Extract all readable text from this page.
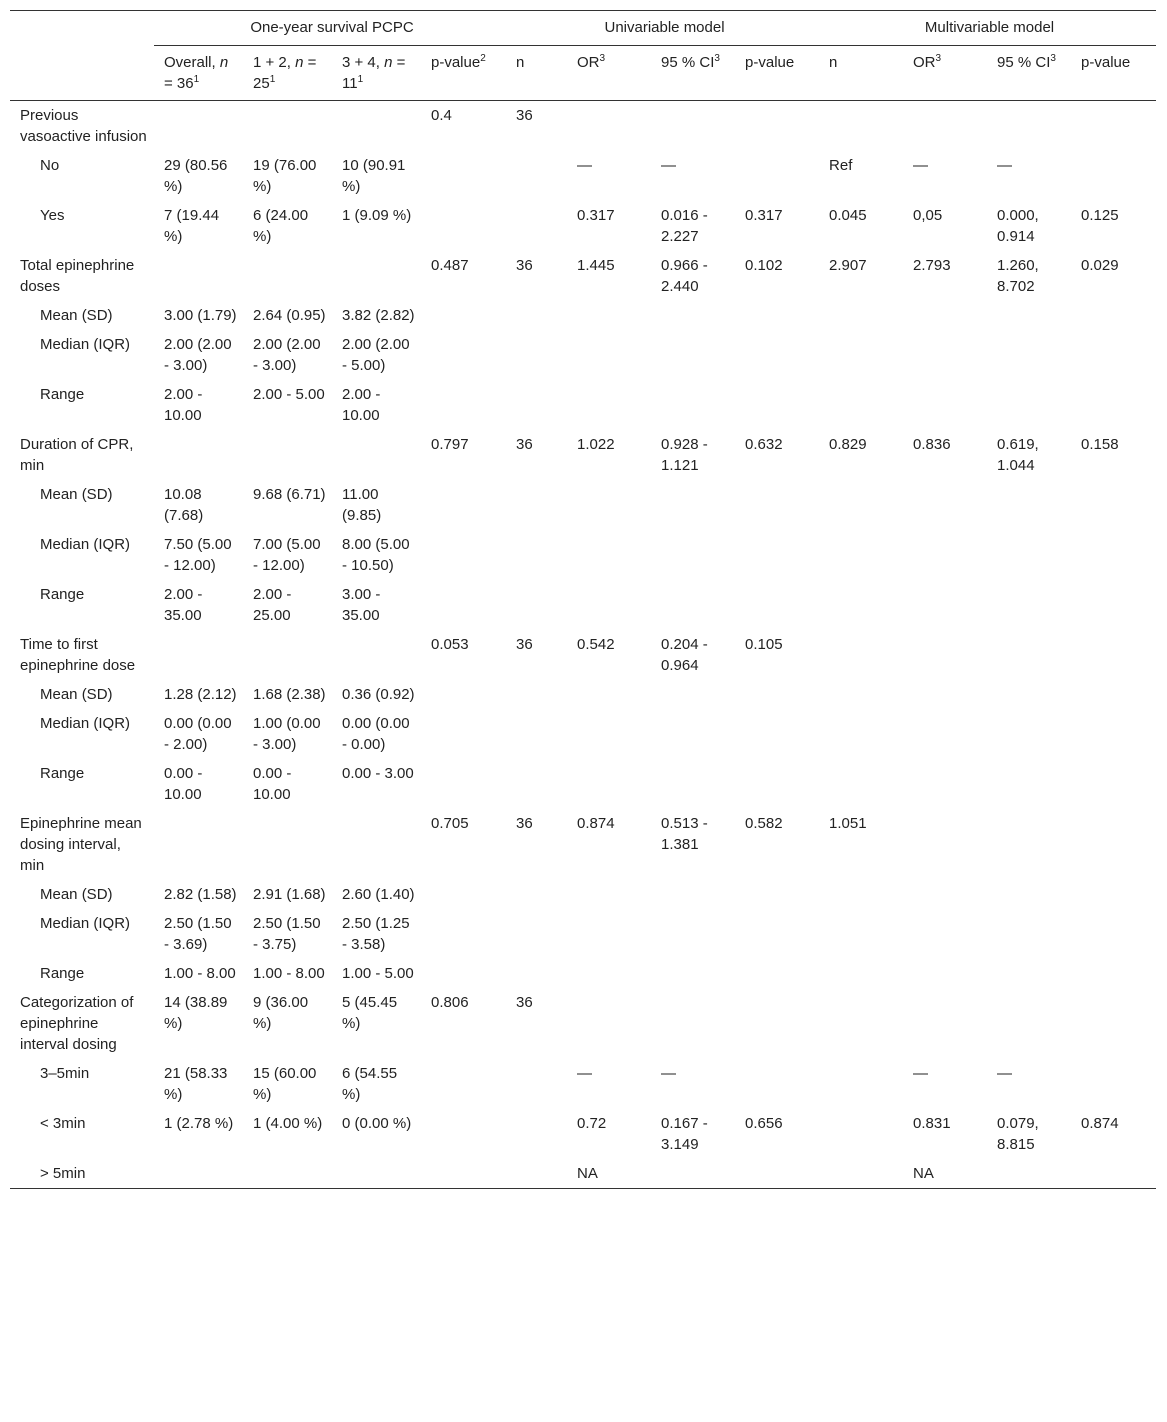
	One-year survival PCPC				Univariable model				Multivariable model			
	Overall, $n = 36^1$	1 + 2, $n = 25^1$	3 + 4, $n = 11^1$	p-value$^2$	n	$OR^3$	95 % $CI^3$	p-value	n	$OR^3$	95 % $CI^3$	p-value
Previous vasoactive infusion				0.4	36							
No	29 (80.56 %)	19 (76.00 %)	10 (90.91 %)			—	—		Ref	—	—	
Yes	7 (19.44 %)	6 (24.00 %)	1 (9.09 %)			0.317	0.016 - 2.227	0.317	0.045	0,05	0.000, 0.914	0.125
Total epinephrine doses				0.487	36	1.445	0.966 - 2.440	0.102	2.907	2.793	1.260, 8.702	0.029
Mean (SD)	3.00 (1.79)	2.64 (0.95)	3.82 (2.82)									
Median (IQR)	2.00 (2.00 - 3.00)	2.00 (2.00 - 3.00)	2.00 (2.00 - 5.00)									
Range	2.00 - 10.00	2.00 - 5.00	2.00 - 10.00									
Duration of CPR, min				0.797	36	1.022	0.928 - 1.121	0.632	0.829	0.836	0.619, 1.044	0.158
Mean (SD)	10.08 (7.68)	9.68 (6.71)	11.00 (9.85)									
Median (IQR)	7.50 (5.00 - 12.00)	7.00 (5.00 - 12.00)	8.00 (5.00 - 10.50)									
Range	2.00 - 35.00	2.00 - 25.00	3.00 - 35.00									
Time to first epinephrine dose				0.053	36	0.542	0.204 - 0.964	0.105				
Mean (SD)	1.28 (2.12)	1.68 (2.38)	0.36 (0.92)									
Median (IQR)	0.00 (0.00 - 2.00)	1.00 (0.00 - 3.00)	0.00 (0.00 - 0.00)									
Range	0.00 - 10.00	0.00 - 10.00	0.00 - 3.00									
Epinephrine mean dosing interval, min				0.705	36	0.874	0.513 - 1.381	0.582	1.051			
Mean (SD)	2.82 (1.58)	2.91 (1.68)	2.60 (1.40)									
Median (IQR)	2.50 (1.50 - 3.69)	2.50 (1.50 - 3.75)	2.50 (1.25 - 3.58)									
Range	1.00 - 8.00	1.00 - 8.00	1.00 - 5.00									
Categorization of epinephrine interval dosing	14 (38.89 %)	9 (36.00 %)	5 (45.45 %)	0.806	36							
3–5min	21 (58.33 %)	15 (60.00 %)	6 (54.55 %)			—	—			—	—	
< 3min	1 (2.78 %)	1 (4.00 %)	0 (0.00 %)			0.72	0.167 - 3.149	0.656		0.831	0.079, 8.815	0.874
> 5min						NA				NA		
